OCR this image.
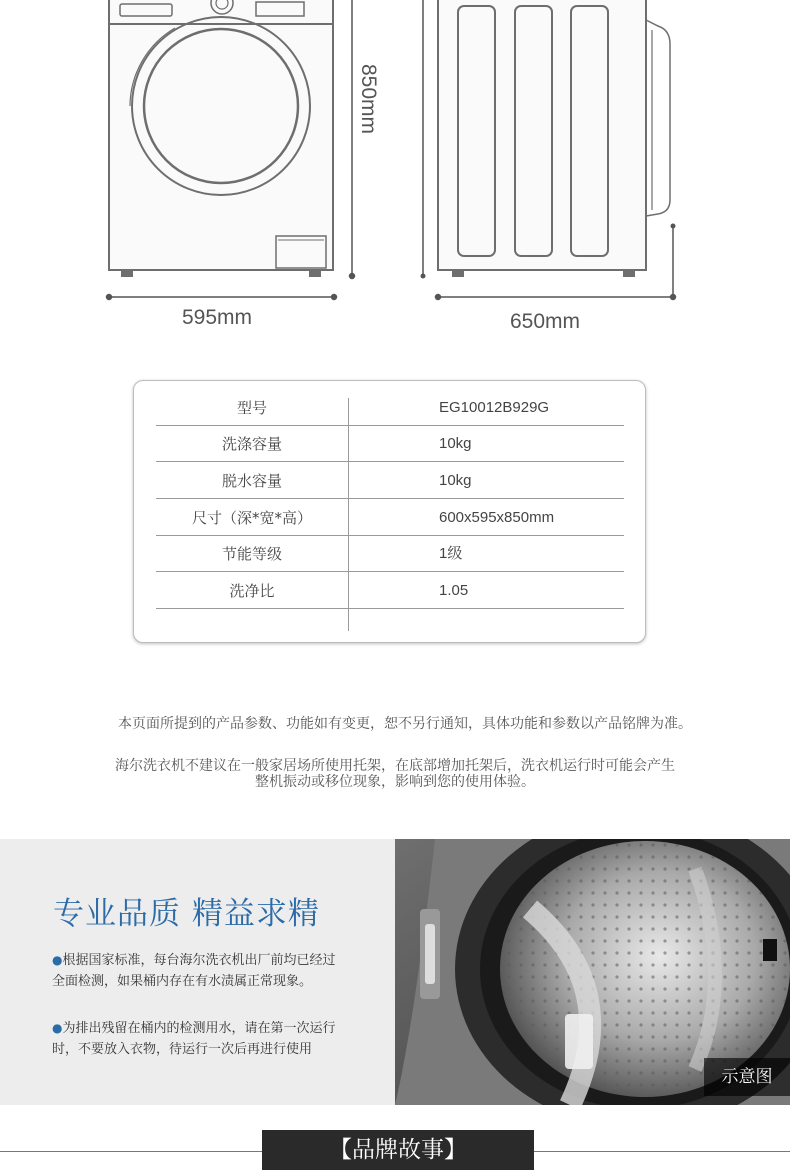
850mm
595mm	650mm
型号	EG10012B929G
洗涤容量	10kg
脱水容量	10kg
尺寸（深*宽*高）	600x595x850mm
节能等级	1级
洗净比	1.05
本页面所提到的产品参数、功能如有变更，恕不另行通知，具体功能和参数以产品铭牌为准。
海尔洗衣机不建议在一般家居场所使用托架，在底部增加托架后，洗衣机运行时可能会产生
整机振动或移位现象，影响到您的使用体验。
专业品质 精益求精
●根据国家标准，每台海尔洗衣机出厂前均已经过
全面检测，如果桶内存在有水渍属正常现象。
●为排出残留在桶内的检测用水，请在第一次运行
时，不要放入衣物，待运行一次后再进行使用
示意图
【品牌故事】
